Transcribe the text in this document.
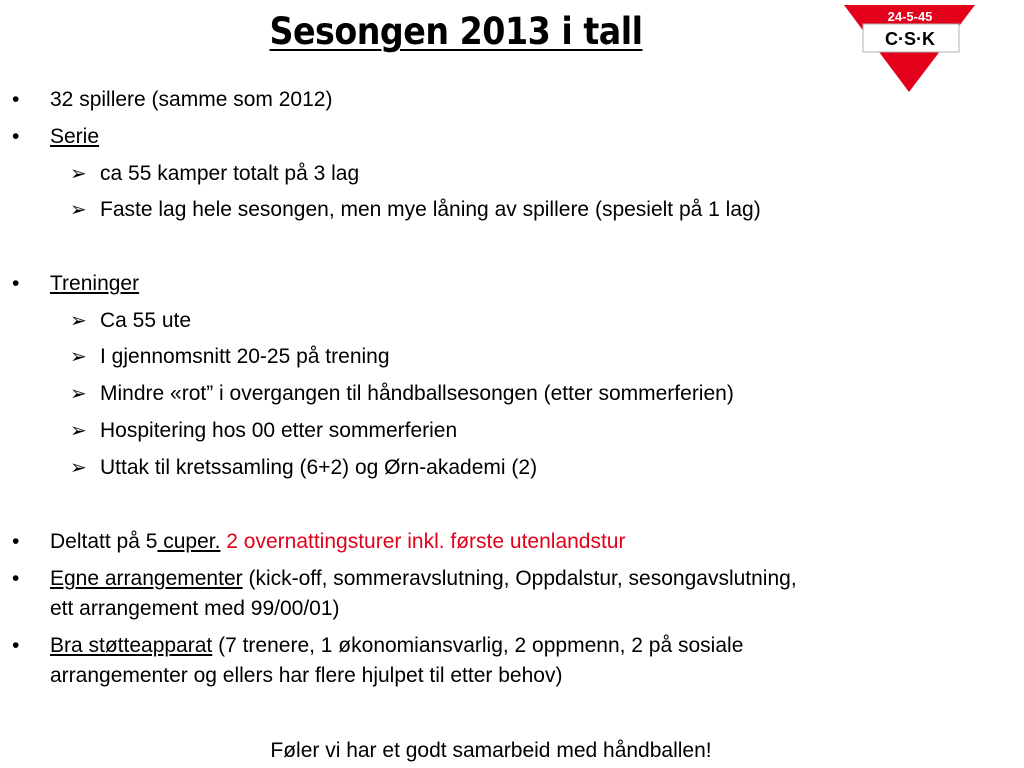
Sesongen 2013 i tall	24-5-45
C·S·K
•	32 spillere (samme som 2012)
•	Serie
➢ ca 55 kamper totalt på 3 lag
➢ Faste lag hele sesongen, men mye låning av spillere (spesielt på 1 lag)
•	Treninger
➢ Ca 55 ute
➢ I gjennomsnitt 20-25 på trening
➢ Mindre «rot” i overgangen til håndballsesongen (etter sommerferien)
➢ Hospitering hos 00 etter sommerferien
➢ Uttak til kretssamling (6+2) og Ørn-akademi (2)
•	Deltatt på 5 cuper. 2 overnattingsturer inkl. første utenlandstur
•	Egne arrangementer (kick-off, sommeravslutning, Oppdalstur, sesongavslutning,
ett arrangement med 99/00/01)
•	Bra støtteapparat (7 trenere, 1 økonomiansvarlig, 2 oppmenn, 2 på sosiale
arrangementer og ellers har flere hjulpet til etter behov)
Føler vi har et godt samarbeid med håndballen!
